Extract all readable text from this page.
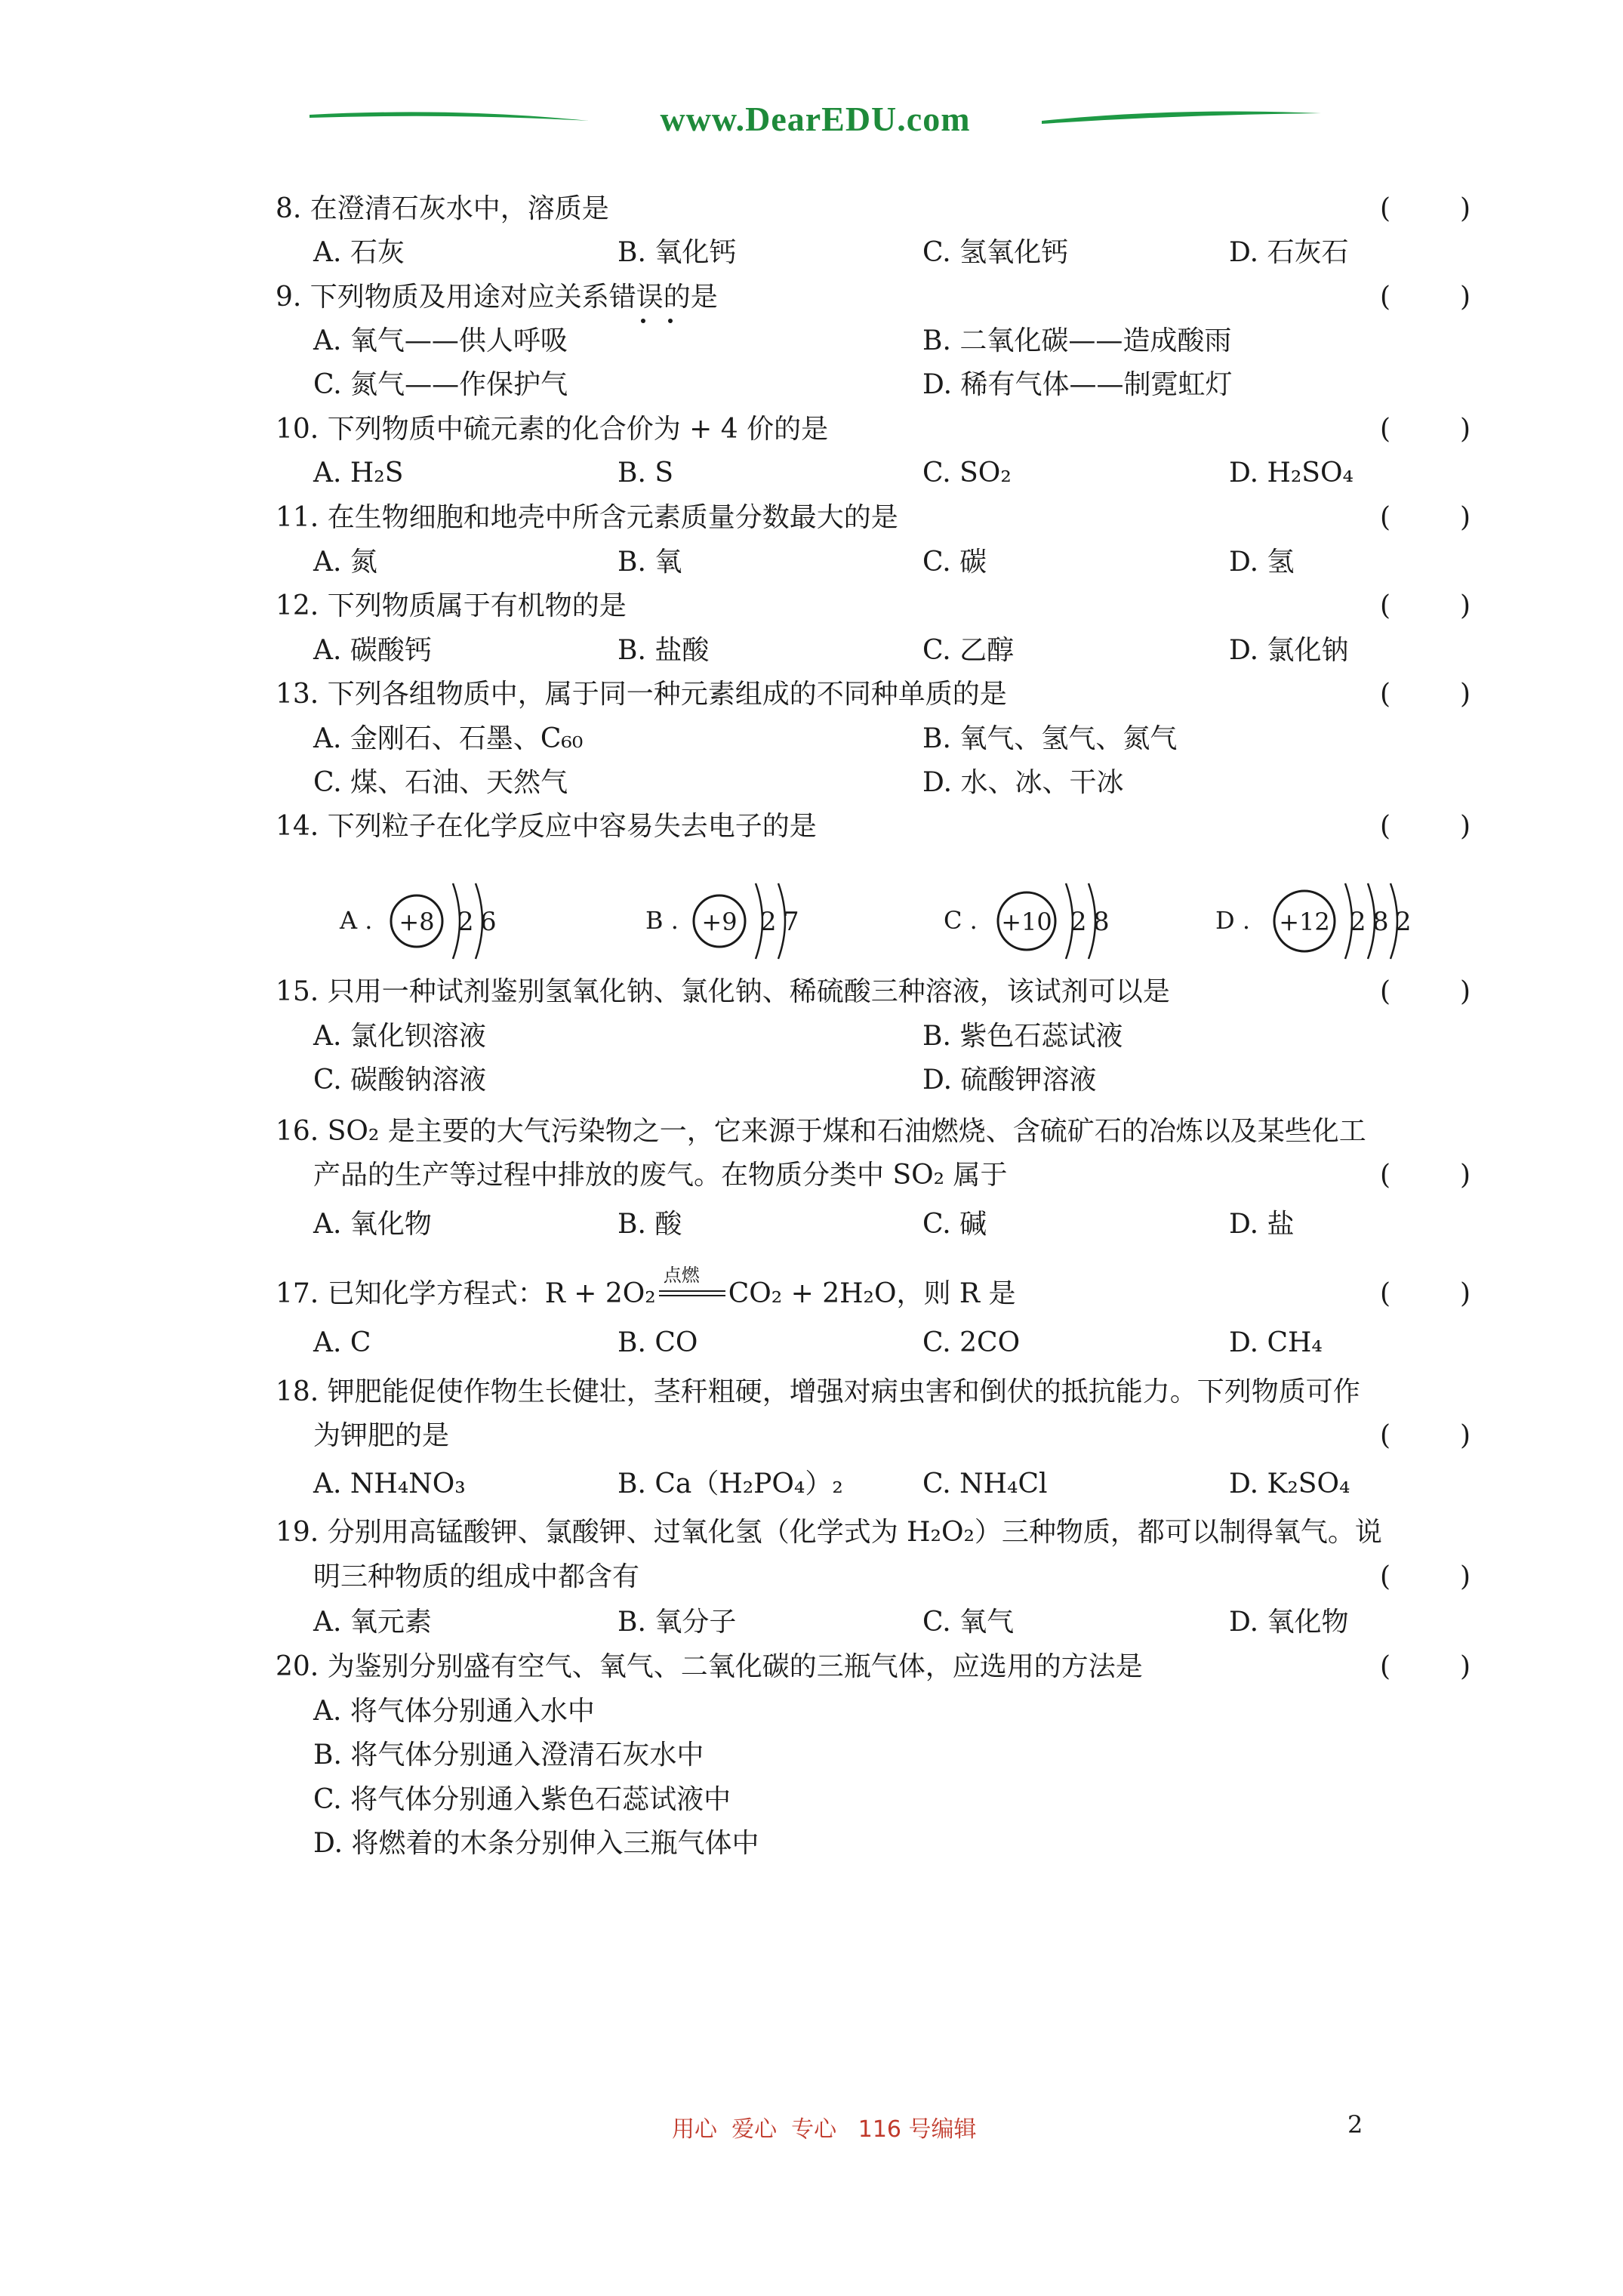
www.DearEDU.com
8. 在澄清石灰水中，溶质是	(	)
A. 石灰	B. 氧化钙	C. 氢氧化钙	D. 石灰石
9. 下列物质及用途对应关系错误的是	(	)
A. 氧气——供人呼吸	B. 二氧化碳——造成酸雨
C. 氮气——作保护气	D. 稀有气体——制霓虹灯
10. 下列物质中硫元素的化合价为 + 4 价的是	(	)
A. H₂S	B. S	C. SO₂	D. H₂SO₄
11. 在生物细胞和地壳中所含元素质量分数最大的是	(	)
A. 氮	B. 氧	C. 碳	D. 氢
12. 下列物质属于有机物的是	(	)
A. 碳酸钙	B. 盐酸	C. 乙醇	D. 氯化钠
13. 下列各组物质中，属于同一种元素组成的不同种单质的是	(	)
A. 金刚石、石墨、C₆₀	B. 氧气、氢气、氮气
C. 煤、石油、天然气	D. 水、冰、干冰
14. 下列粒子在化学反应中容易失去电子的是	(	)
A . +8 2 6	B . +9 2 7	C . +10 2 8	D . +12 2 8 2
15. 只用一种试剂鉴别氢氧化钠、氯化钠、稀硫酸三种溶液，该试剂可以是	(	)
A. 氯化钡溶液	B. 紫色石蕊试液
C. 碳酸钠溶液	D. 硫酸钾溶液
16. SO₂ 是主要的大气污染物之一，它来源于煤和石油燃烧、含硫矿石的冶炼以及某些化工
产品的生产等过程中排放的废气。在物质分类中 SO₂ 属于	(	)
A. 氧化物	B. 酸	C. 碱	D. 盐
17. 已知化学方程式：R + 2O₂
点燃
CO₂ + 2H₂O，则 R 是	(	)
A. C	B. CO	C. 2CO	D. CH₄
18. 钾肥能促使作物生长健壮，茎秆粗硬，增强对病虫害和倒伏的抵抗能力。下列物质可作
为钾肥的是	(	)
A. NH₄NO₃	B. Ca（H₂PO₄）₂	C. NH₄Cl	D. K₂SO₄
19. 分别用高锰酸钾、氯酸钾、过氧化氢（化学式为 H₂O₂）三种物质，都可以制得氧气。说
明三种物质的组成中都含有	(	)
A. 氧元素	B. 氧分子	C. 氧气	D. 氧化物
20. 为鉴别分别盛有空气、氧气、二氧化碳的三瓶气体，应选用的方法是	(	)
A. 将气体分别通入水中
B. 将气体分别通入澄清石灰水中
C. 将气体分别通入紫色石蕊试液中
D. 将燃着的木条分别伸入三瓶气体中
用心  爱心  专心   116 号编辑	2
